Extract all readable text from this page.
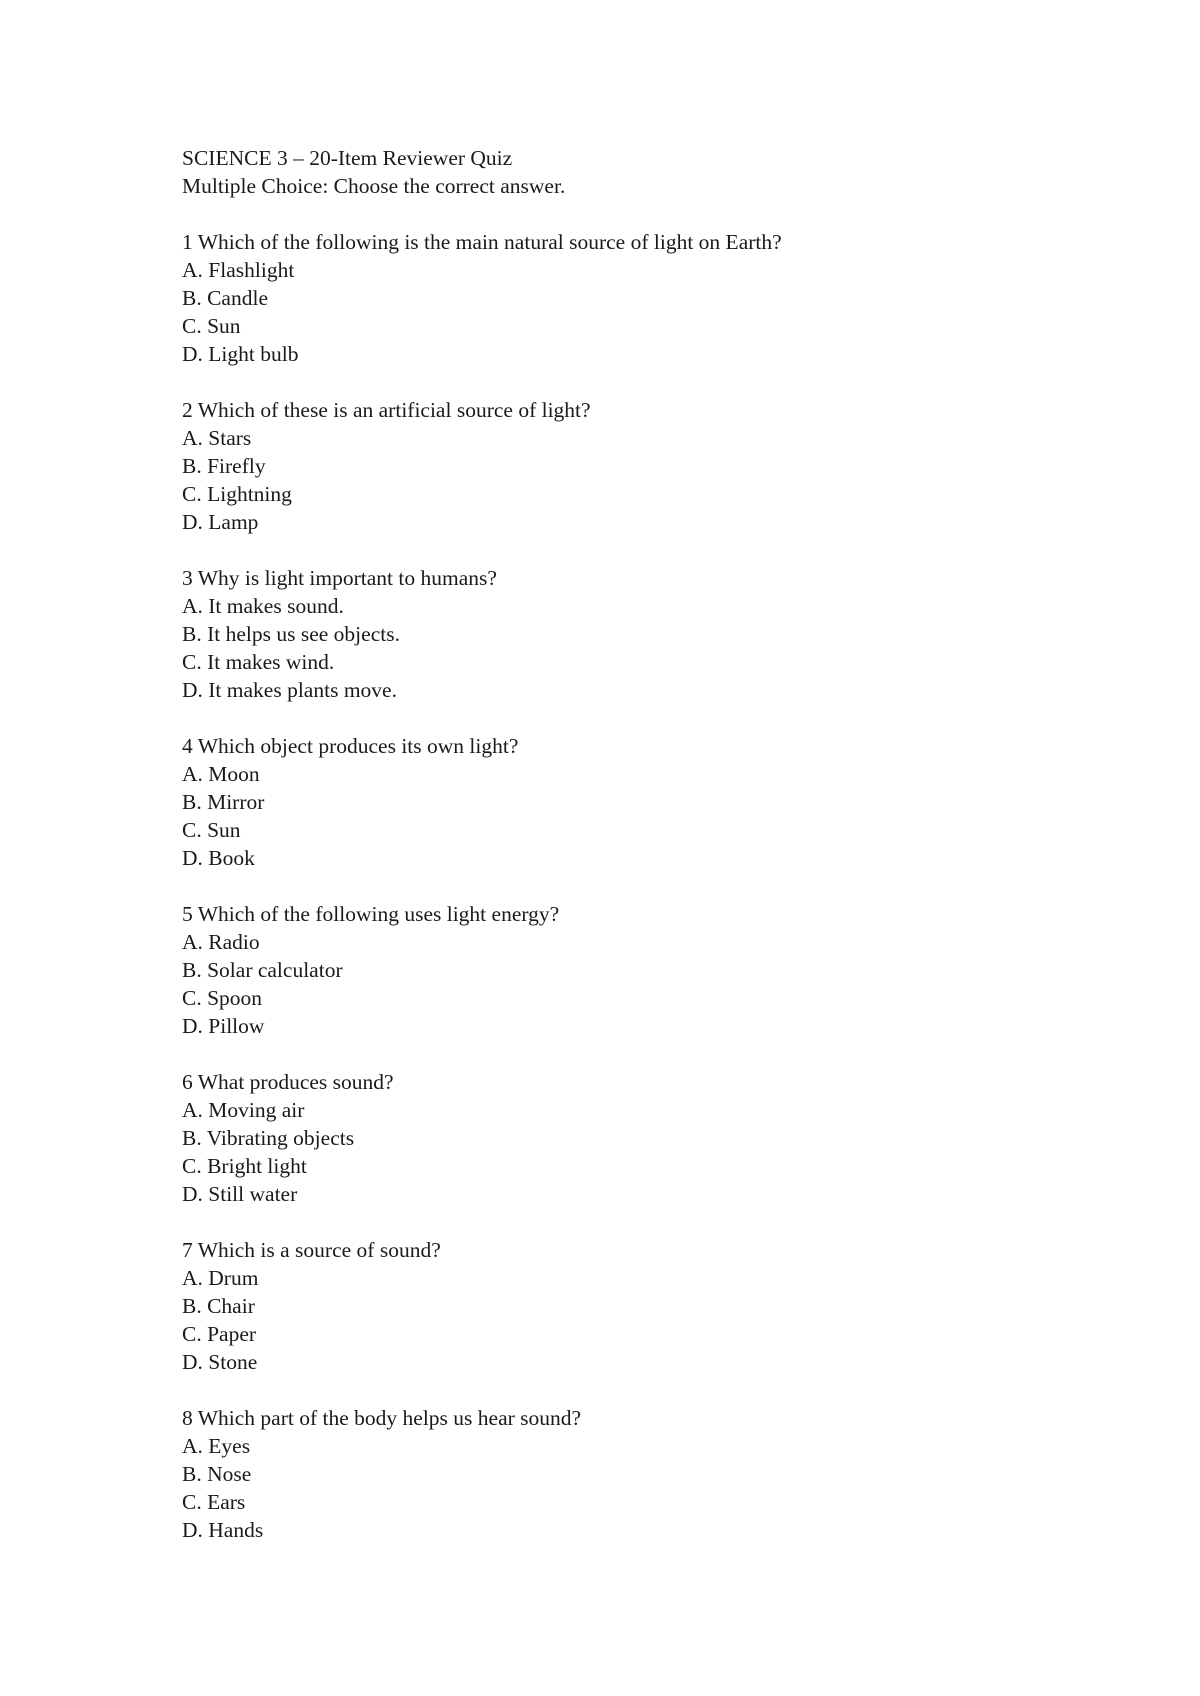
SCIENCE 3 – 20-Item Reviewer Quiz
Multiple Choice: Choose the correct answer.
1 Which of the following is the main natural source of light on Earth?
A. Flashlight
B. Candle
C. Sun
D. Light bulb
2 Which of these is an artificial source of light?
A. Stars
B. Firefly
C. Lightning
D. Lamp
3 Why is light important to humans?
A. It makes sound.
B. It helps us see objects.
C. It makes wind.
D. It makes plants move.
4 Which object produces its own light?
A. Moon
B. Mirror
C. Sun
D. Book
5 Which of the following uses light energy?
A. Radio
B. Solar calculator
C. Spoon
D. Pillow
6 What produces sound?
A. Moving air
B. Vibrating objects
C. Bright light
D. Still water
7 Which is a source of sound?
A. Drum
B. Chair
C. Paper
D. Stone
8 Which part of the body helps us hear sound?
A. Eyes
B. Nose
C. Ears
D. Hands
